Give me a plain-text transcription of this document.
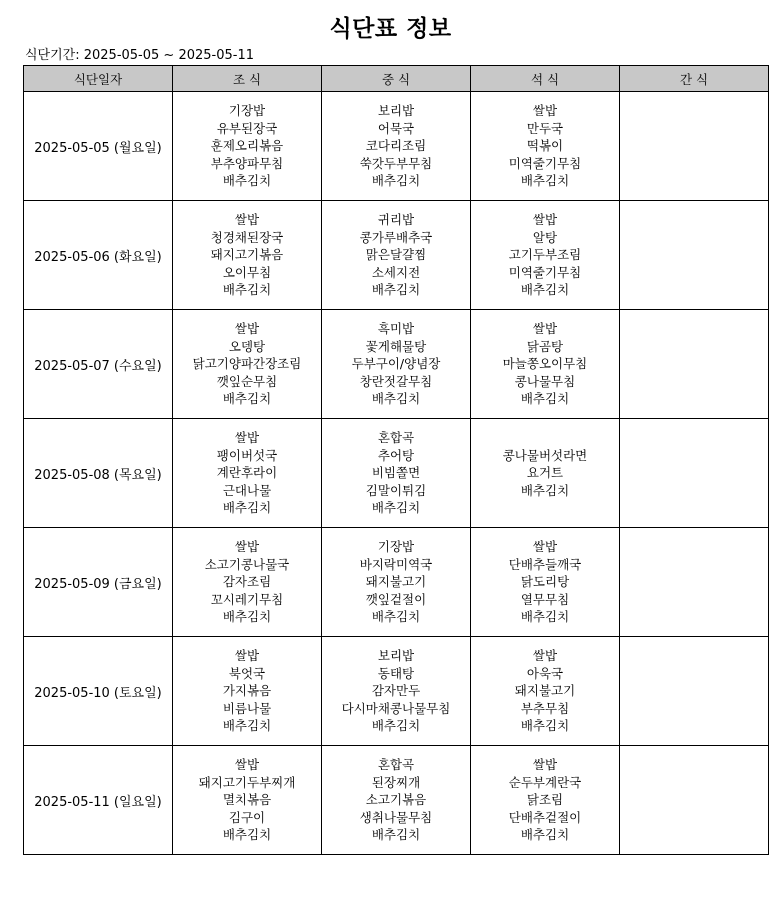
식단표 정보
식단기간: 2025-05-05 ~ 2025-05-11
식단일자	조 식	중 식	석 식	간 식
2025-05-05 (월요일)	기장밥
유부된장국
훈제오리볶음
부추양파무침
배추김치	보리밥
어묵국
코다리조림
쑥갓두부무침
배추김치	쌀밥
만두국
떡볶이
미역줄기무침
배추김치	

2025-05-06 (화요일)	쌀밥
청경채된장국
돼지고기볶음
오이무침
배추김치	귀리밥
콩가루배추국
맑은달걀찜
소세지전
배추김치	쌀밥
알탕
고기두부조림
미역줄기무침
배추김치	

2025-05-07 (수요일)	쌀밥
오뎅탕
닭고기양파간장조림
깻잎순무침
배추김치	흑미밥
꽃게해물탕
두부구이/양념장
창란젓갈무침
배추김치	쌀밥
닭곰탕
마늘쫑오이무침
콩나물무침
배추김치	

2025-05-08 (목요일)	쌀밥
팽이버섯국
계란후라이
근대나물
배추김치	혼합곡
추어탕
비빔쫄면
김말이튀김
배추김치	콩나물버섯라면
요거트
배추김치	

2025-05-09 (금요일)	쌀밥
소고기콩나물국
감자조림
꼬시레기무침
배추김치	기장밥
바지락미역국
돼지불고기
깻잎겉절이
배추김치	쌀밥
단배추들깨국
닭도리탕
열무무침
배추김치	

2025-05-10 (토요일)	쌀밥
북엇국
가지볶음
비름나물
배추김치	보리밥
동태탕
감자만두
다시마채콩나물무침
배추김치	쌀밥
아욱국
돼지불고기
부추무침
배추김치	

2025-05-11 (일요일)	쌀밥
돼지고기두부찌개
멸치볶음
김구이
배추김치	혼합곡
된장찌개
소고기볶음
생취나물무침
배추김치	쌀밥
순두부계란국
닭조림
단배추겉절이
배추김치	
